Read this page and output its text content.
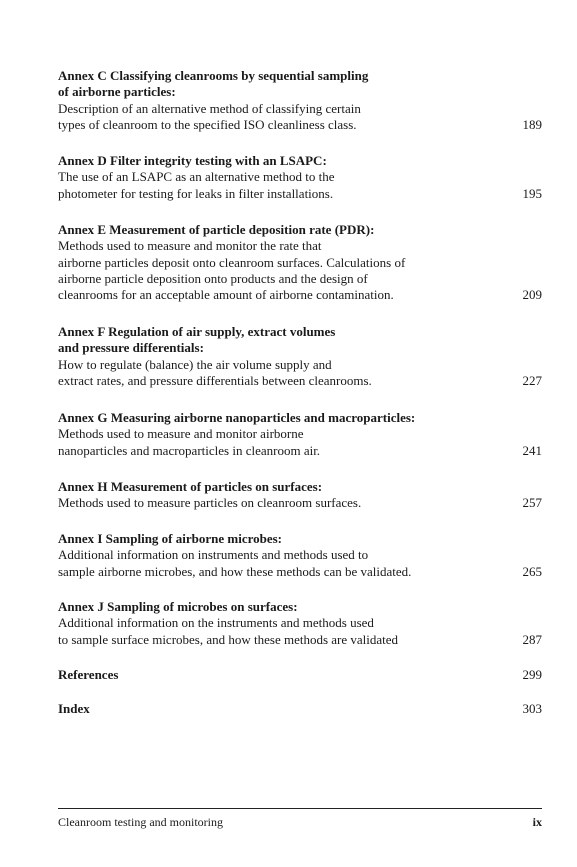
Annex C Classifying cleanrooms by sequential sampling
of airborne particles:
Description of an alternative method of classifying certain
types of cleanroom to the specified ISO cleanliness class.	189
Annex D Filter integrity testing with an LSAPC:
The use of an LSAPC as an alternative method to the
photometer for testing for leaks in filter installations.	195
Annex E Measurement of particle deposition rate (PDR):
Methods used to measure and monitor the rate that
airborne particles deposit onto cleanroom surfaces. Calculations of
airborne particle deposition onto products and the design of
cleanrooms for an acceptable amount of airborne contamination.	209
Annex F Regulation of air supply, extract volumes
and pressure differentials:
How to regulate (balance) the air volume supply and
extract rates, and pressure differentials between cleanrooms.	227
Annex G Measuring airborne nanoparticles and macroparticles:
Methods used to measure and monitor airborne
nanoparticles and macroparticles in cleanroom air.	241
Annex H Measurement of particles on surfaces:
Methods used to measure particles on cleanroom surfaces.	257
Annex I Sampling of airborne microbes:
Additional information on instruments and methods used to
sample airborne microbes, and how these methods can be validated.	265
Annex J Sampling of microbes on surfaces:
Additional information on the instruments and methods used
to sample surface microbes, and how these methods are validated	287
References	299
Index	303
Cleanroom testing and monitoring	ix
